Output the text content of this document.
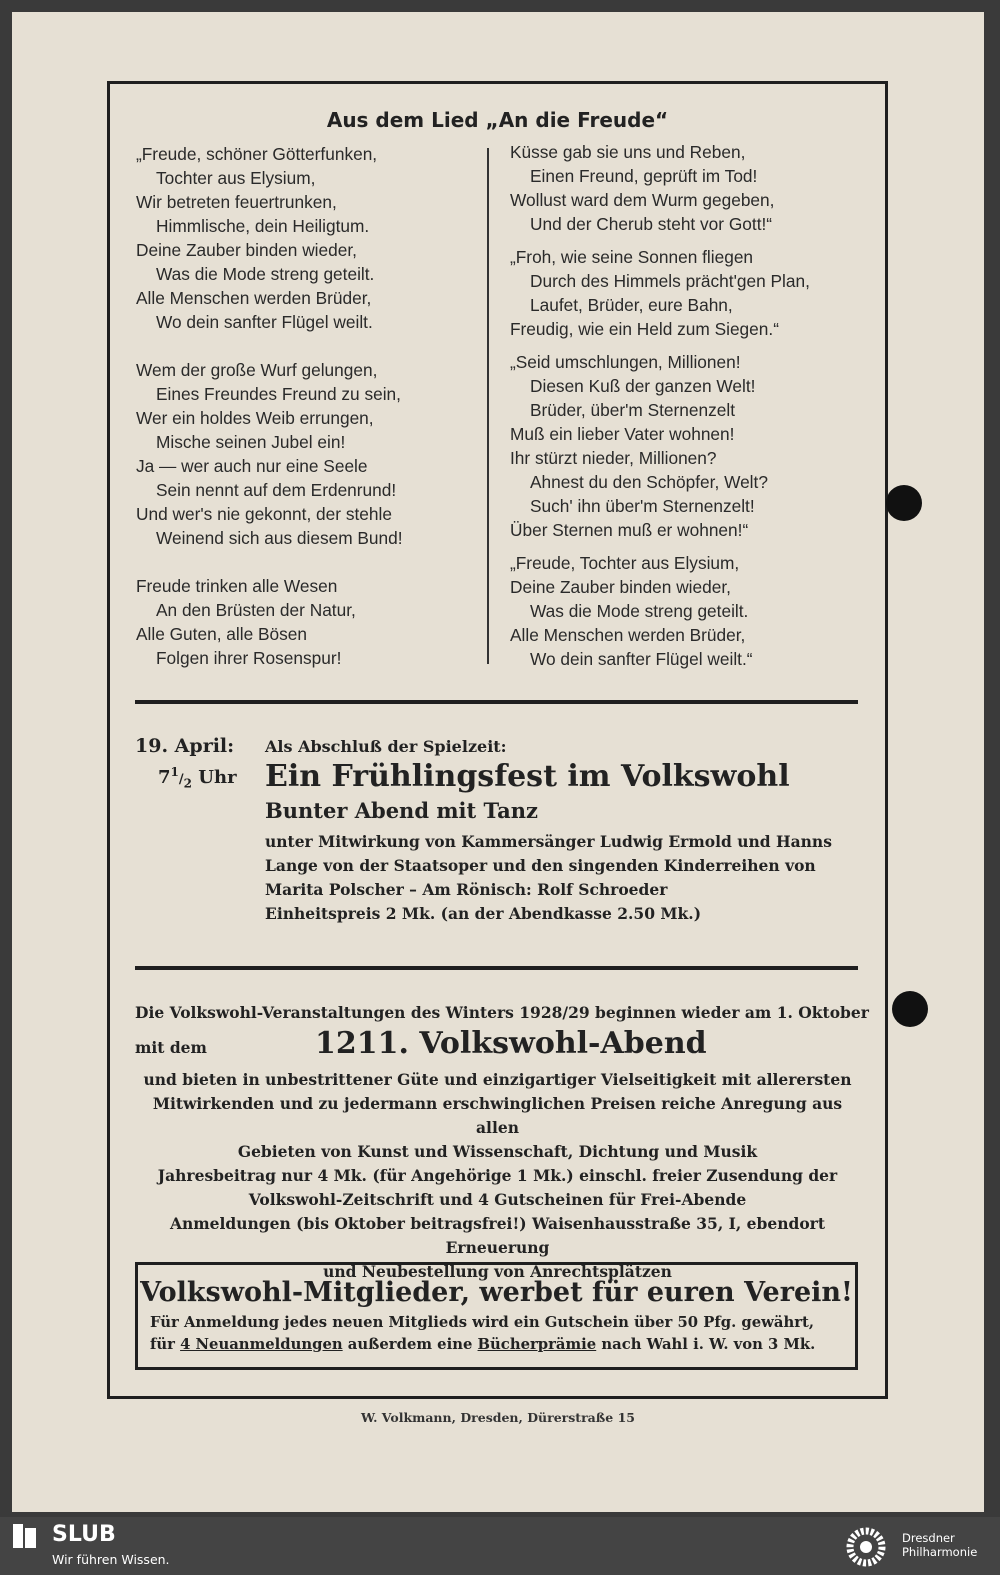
Aus dem Lied „An die Freude“
„Freude, schöner Götterfunken,
Tochter aus Elysium,
Wir betreten feuertrunken,
Himmlische, dein Heiligtum.
Deine Zauber binden wieder,
Was die Mode streng geteilt.
Alle Menschen werden Brüder,
Wo dein sanfter Flügel weilt.
Wem der große Wurf gelungen,
Eines Freundes Freund zu sein,
Wer ein holdes Weib errungen,
Mische seinen Jubel ein!
Ja — wer auch nur eine Seele
Sein nennt auf dem Erdenrund!
Und wer's nie gekonnt, der stehle
Weinend sich aus diesem Bund!
Freude trinken alle Wesen
An den Brüsten der Natur,
Alle Guten, alle Bösen
Folgen ihrer Rosenspur!
Küsse gab sie uns und Reben,
Einen Freund, geprüft im Tod!
Wollust ward dem Wurm gegeben,
Und der Cherub steht vor Gott!“
„Froh, wie seine Sonnen fliegen
Durch des Himmels prächt'gen Plan,
Laufet, Brüder, eure Bahn,
Freudig, wie ein Held zum Siegen.“
„Seid umschlungen, Millionen!
Diesen Kuß der ganzen Welt!
Brüder, über'm Sternenzelt
Muß ein lieber Vater wohnen!
Ihr stürzt nieder, Millionen?
Ahnest du den Schöpfer, Welt?
Such' ihn über'm Sternenzelt!
Über Sternen muß er wohnen!“
„Freude, Tochter aus Elysium,
Deine Zauber binden wieder,
Was die Mode streng geteilt.
Alle Menschen werden Brüder,
Wo dein sanfter Flügel weilt.“
19. April:
$7^1/_2$ Uhr
Als Abschluß der Spielzeit:
Ein Frühlingsfest im Volkswohl
Bunter Abend mit Tanz
unter Mitwirkung von Kammersänger Ludwig Ermold und Hanns
Lange von der Staatsoper und den singenden Kinderreihen von
Marita Polscher – Am Rönisch: Rolf Schroeder
Einheitspreis 2 Mk. (an der Abendkasse 2.50 Mk.)
Die Volkswohl-Veranstaltungen des Winters 1928/29 beginnen wieder am 1. Oktober
mit dem	1211. Volkswohl-Abend
und bieten in unbestrittener Güte und einzigartiger Vielseitigkeit mit allerersten
Mitwirkenden und zu jedermann erschwinglichen Preisen reiche Anregung aus allen
Gebieten von Kunst und Wissenschaft, Dichtung und Musik
Jahresbeitrag nur 4 Mk. (für Angehörige 1 Mk.) einschl. freier Zusendung der
Volkswohl-Zeitschrift und 4 Gutscheinen für Frei-Abende
Anmeldungen (bis Oktober beitragsfrei!) Waisenhausstraße 35, I, ebendort Erneuerung
und Neubestellung von Anrechtsplätzen
Volkswohl-Mitglieder, werbet für euren Verein!
Für Anmeldung jedes neuen Mitglieds wird ein Gutschein über 50 Pfg. gewährt,
für 4 Neuanmeldungen außerdem eine Bücherprämie nach Wahl i. W. von 3 Mk.
W. Volkmann, Dresden, Dürerstraße 15
SLUB
Wir führen Wissen.
Dresdner
Philharmonie
